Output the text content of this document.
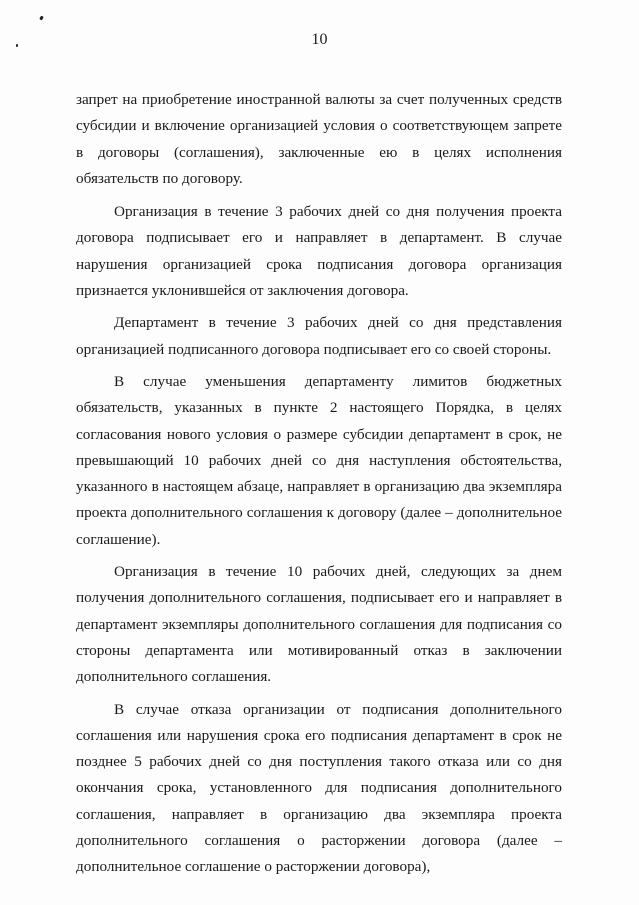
10

запрет на приобретение иностранной валюты за счет полученных средств субсидии и включение организацией условия о соответствующем запрете в договоры (соглашения), заключенные ею в целях исполнения обязательств по договору.

Организация в течение 3 рабочих дней со дня получения проекта договора подписывает его и направляет в департамент. В случае нарушения организацией срока подписания договора организация признается уклонившейся от заключения договора.

Департамент в течение 3 рабочих дней со дня представления организацией подписанного договора подписывает его со своей стороны.

В случае уменьшения департаменту лимитов бюджетных обязательств, указанных в пункте 2 настоящего Порядка, в целях согласования нового условия о размере субсидии департамент в срок, не превышающий 10 рабочих дней со дня наступления обстоятельства, указанного в настоящем абзаце, направляет в организацию два экземпляра проекта дополнительного соглашения к договору (далее – дополнительное соглашение).

Организация в течение 10 рабочих дней, следующих за днем получения дополнительного соглашения, подписывает его и направляет в департамент экземпляры дополнительного соглашения для подписания со стороны департамента или мотивированный отказ в заключении дополнительного соглашения.

В случае отказа организации от подписания дополнительного соглашения или нарушения срока его подписания департамент в срок не позднее 5 рабочих дней со дня поступления такого отказа или со дня окончания срока, установленного для подписания дополнительного соглашения, направляет в организацию два экземпляра проекта дополнительного соглашения о расторжении договора (далее – дополнительное соглашение о расторжении договора),
